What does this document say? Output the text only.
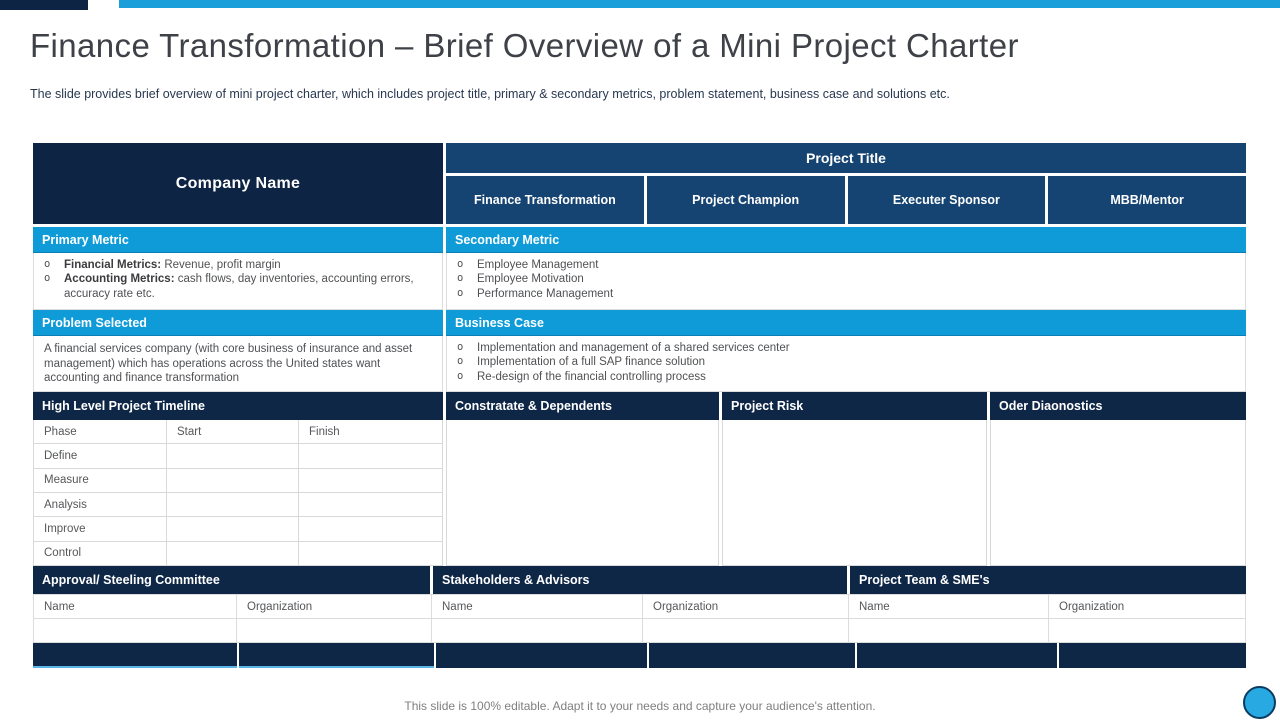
Finance Transformation – Brief Overview of a Mini Project Charter

The slide provides brief overview of mini project charter, which includes project title, primary & secondary metrics, problem statement, business case and solutions etc.

Company Name
Project Title
Finance Transformation	Project Champion	Executer Sponsor	MBB/Mentor
Primary Metric	Secondary Metric
o	Financial Metrics: Revenue, profit margin
o	Accounting Metrics: cash flows, day inventories, accounting errors, accuracy rate etc.
o	Employee Management
o	Employee Motivation
o	Performance Management
Problem Selected	Business Case

A financial services company (with core business of insurance and asset management) which has operations across the United states want accounting and finance transformation

o	Implementation and management of a shared services center
o	Implementation of a full SAP finance solution
o	Re-design of the financial controlling process
High Level Project Timeline	Constratate & Dependents	Project Risk	Oder Diaonostics
Phase	Start	Finish
Define
Measure
Analysis
Improve
Control
Approval/ Steeling Committee	Stakeholders & Advisors	Project Team & SME's
Name	Organization	Name	Organization	Name	Organization

This slide is 100% editable. Adapt it to your needs and capture your audience's attention.
